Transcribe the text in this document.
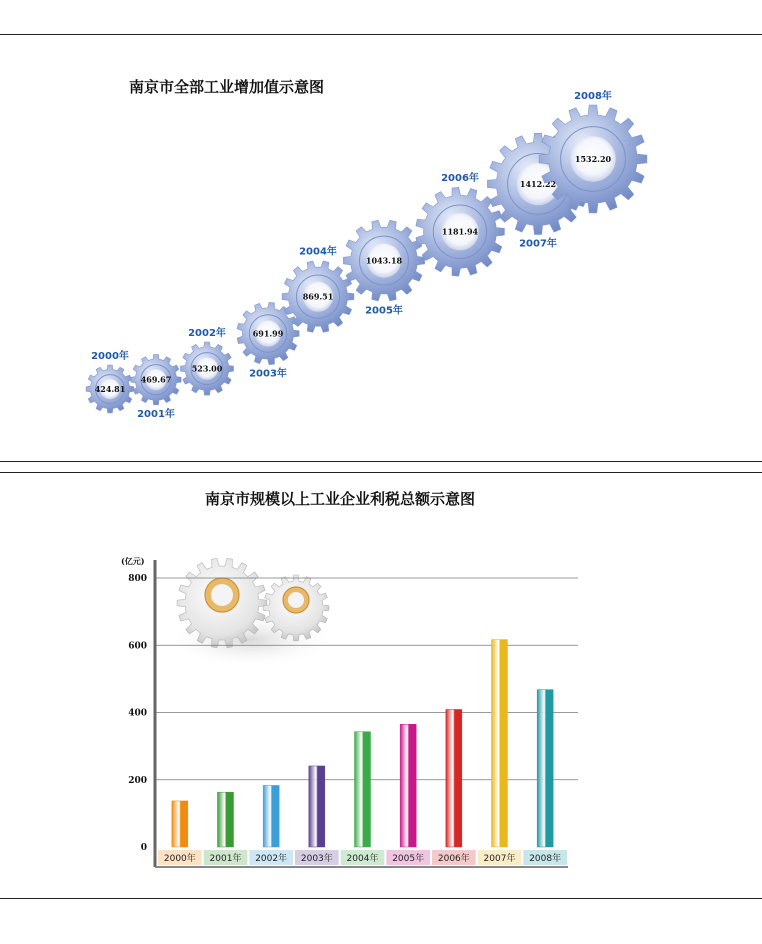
南京市全部工业增加值示意图
424.81
2000年
469.67
2001年
523.00
2002年	691.99
2003年
869.51
2004年
1043.18
2005年
1181.94
2006年	1412.22
2007年
1532.20
2008年
南京市规模以上工业企业利税总额示意图
0
200
400
600
800
(亿元)
2000年 2001年 2002年 2003年 2004年 2005年 2006年 2007年 2008年
